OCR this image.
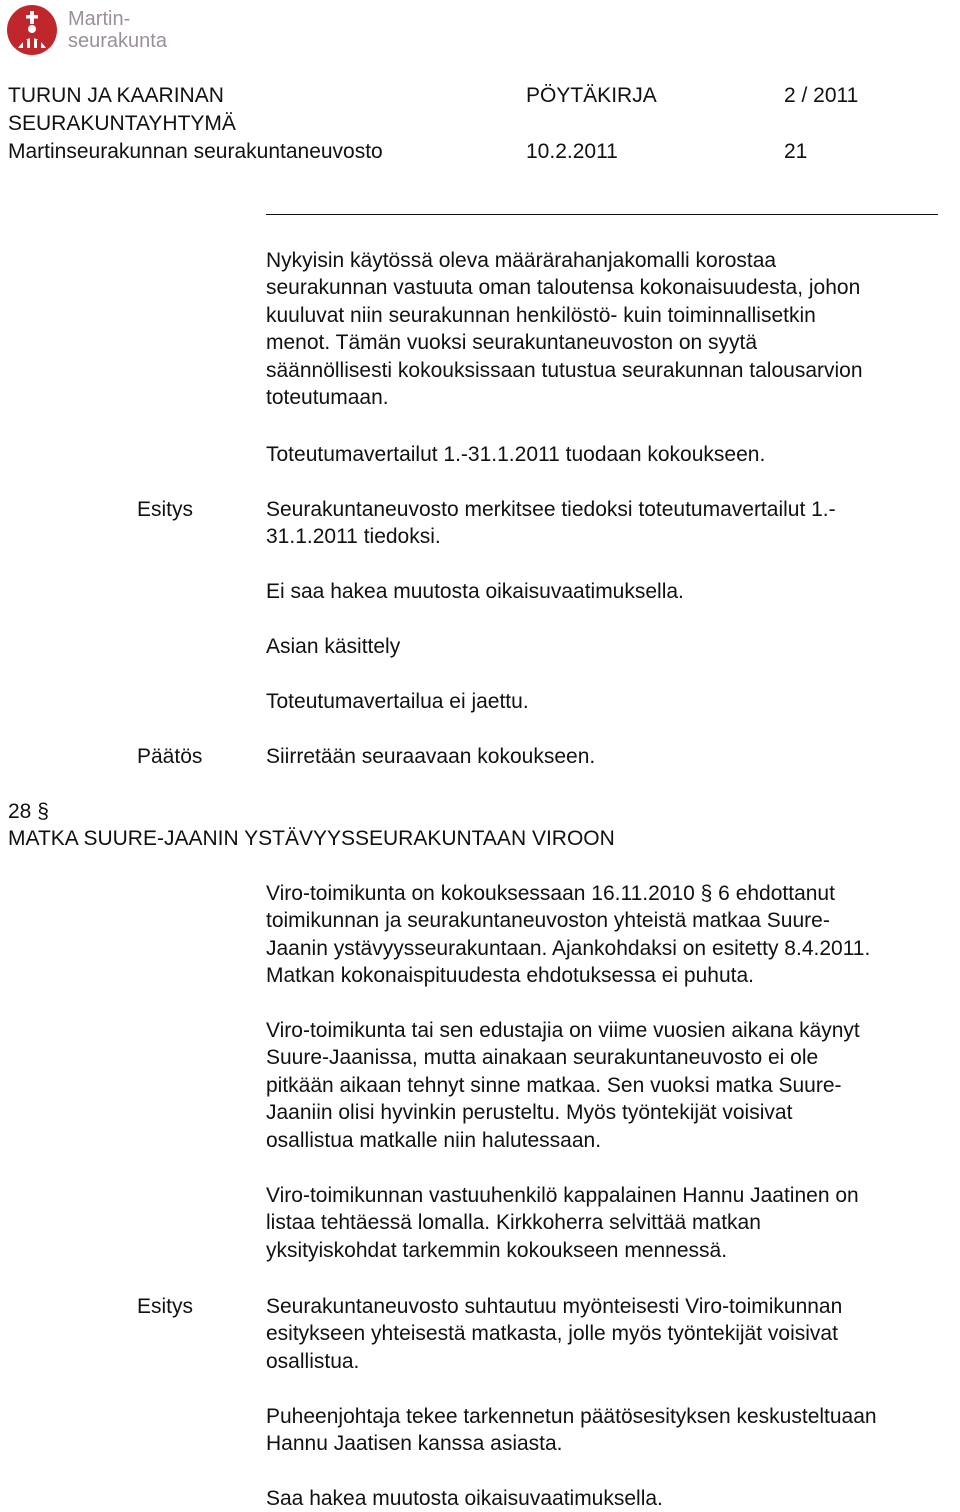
Martin-
seurakunta
TURUN JA KAARINAN
SEURAKUNTAYHTYMÄ
Martinseurakunnan seurakuntaneuvosto
PÖYTÄKIRJA	2 / 2011
10.2.2011	21
Nykyisin käytössä oleva määrärahanjakomalli korostaa
seurakunnan vastuuta oman taloutensa kokonaisuudesta, johon
kuuluvat niin seurakunnan henkilöstö- kuin toiminnallisetkin
menot. Tämän vuoksi seurakuntaneuvoston on syytä
säännöllisesti kokouksissaan tutustua seurakunnan talousarvion
toteutumaan.
Toteutumavertailut 1.-31.1.2011 tuodaan kokoukseen.
Esitys	Seurakuntaneuvosto merkitsee tiedoksi toteutumavertailut 1.-
31.1.2011 tiedoksi.
Ei saa hakea muutosta oikaisuvaatimuksella.
Asian käsittely
Toteutumavertailua ei jaettu.
Päätös	Siirretään seuraavaan kokoukseen.
28 §
MATKA SUURE-JAANIN YSTÄVYYSSEURAKUNTAAN VIROON
Viro-toimikunta on kokouksessaan 16.11.2010 § 6 ehdottanut
toimikunnan ja seurakuntaneuvoston yhteistä matkaa Suure-
Jaanin ystävyysseurakuntaan. Ajankohdaksi on esitetty 8.4.2011.
Matkan kokonaispituudesta ehdotuksessa ei puhuta.
Viro-toimikunta tai sen edustajia on viime vuosien aikana käynyt
Suure-Jaanissa, mutta ainakaan seurakuntaneuvosto ei ole
pitkään aikaan tehnyt sinne matkaa. Sen vuoksi matka Suure-
Jaaniin olisi hyvinkin perusteltu. Myös työntekijät voisivat
osallistua matkalle niin halutessaan.
Viro-toimikunnan vastuuhenkilö kappalainen Hannu Jaatinen on
listaa tehtäessä lomalla. Kirkkoherra selvittää matkan
yksityiskohdat tarkemmin kokoukseen mennessä.
Esitys	Seurakuntaneuvosto suhtautuu myönteisesti Viro-toimikunnan
esitykseen yhteisestä matkasta, jolle myös työntekijät voisivat
osallistua.
Puheenjohtaja tekee tarkennetun päätösesityksen keskusteltuaan
Hannu Jaatisen kanssa asiasta.
Saa hakea muutosta oikaisuvaatimuksella.
